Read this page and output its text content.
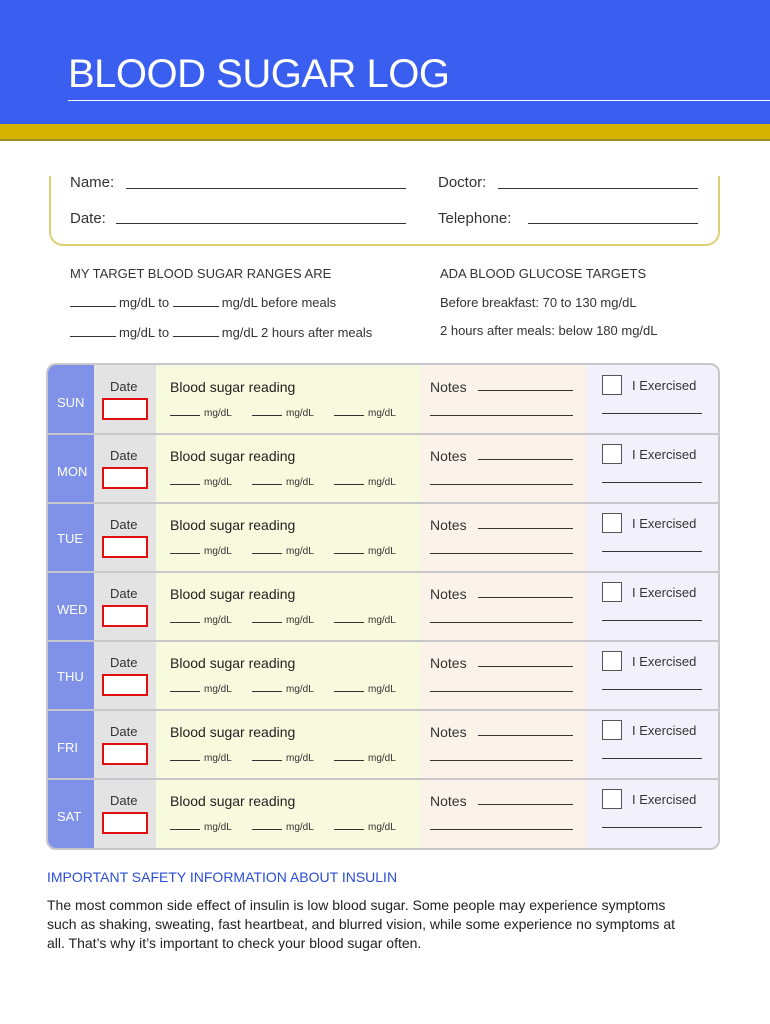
BLOOD SUGAR LOG
Name:	Doctor:
Date:	Telephone:
MY TARGET BLOOD SUGAR RANGES ARE
mg/dL to	mg/dL before meals
mg/dL to	mg/dL 2 hours after meals
ADA BLOOD GLUCOSE TARGETS
Before breakfast: 70 to 130 mg/dL
2 hours after meals: below 180 mg/dL
SUN
Date Blood sugar reading
mg/dL	mg/dL	mg/dL
Notes	I Exercised
MON
Date Blood sugar reading
mg/dL	mg/dL	mg/dL
Notes	I Exercised
TUE
Date Blood sugar reading
mg/dL	mg/dL	mg/dL
Notes	I Exercised
WED
Date Blood sugar reading
mg/dL	mg/dL	mg/dL
Notes	I Exercised
THU
Date Blood sugar reading
mg/dL	mg/dL	mg/dL
Notes	I Exercised
FRI
Date Blood sugar reading
mg/dL	mg/dL	mg/dL
Notes	I Exercised
SAT
Date Blood sugar reading
mg/dL	mg/dL	mg/dL
Notes	I Exercised
IMPORTANT SAFETY INFORMATION ABOUT INSULIN
The most common side effect of insulin is low blood sugar. Some people may experience symptoms such as shaking, sweating, fast heartbeat, and blurred vision, while some experience no symptoms at all. That’s why it’s important to check your blood sugar often.
